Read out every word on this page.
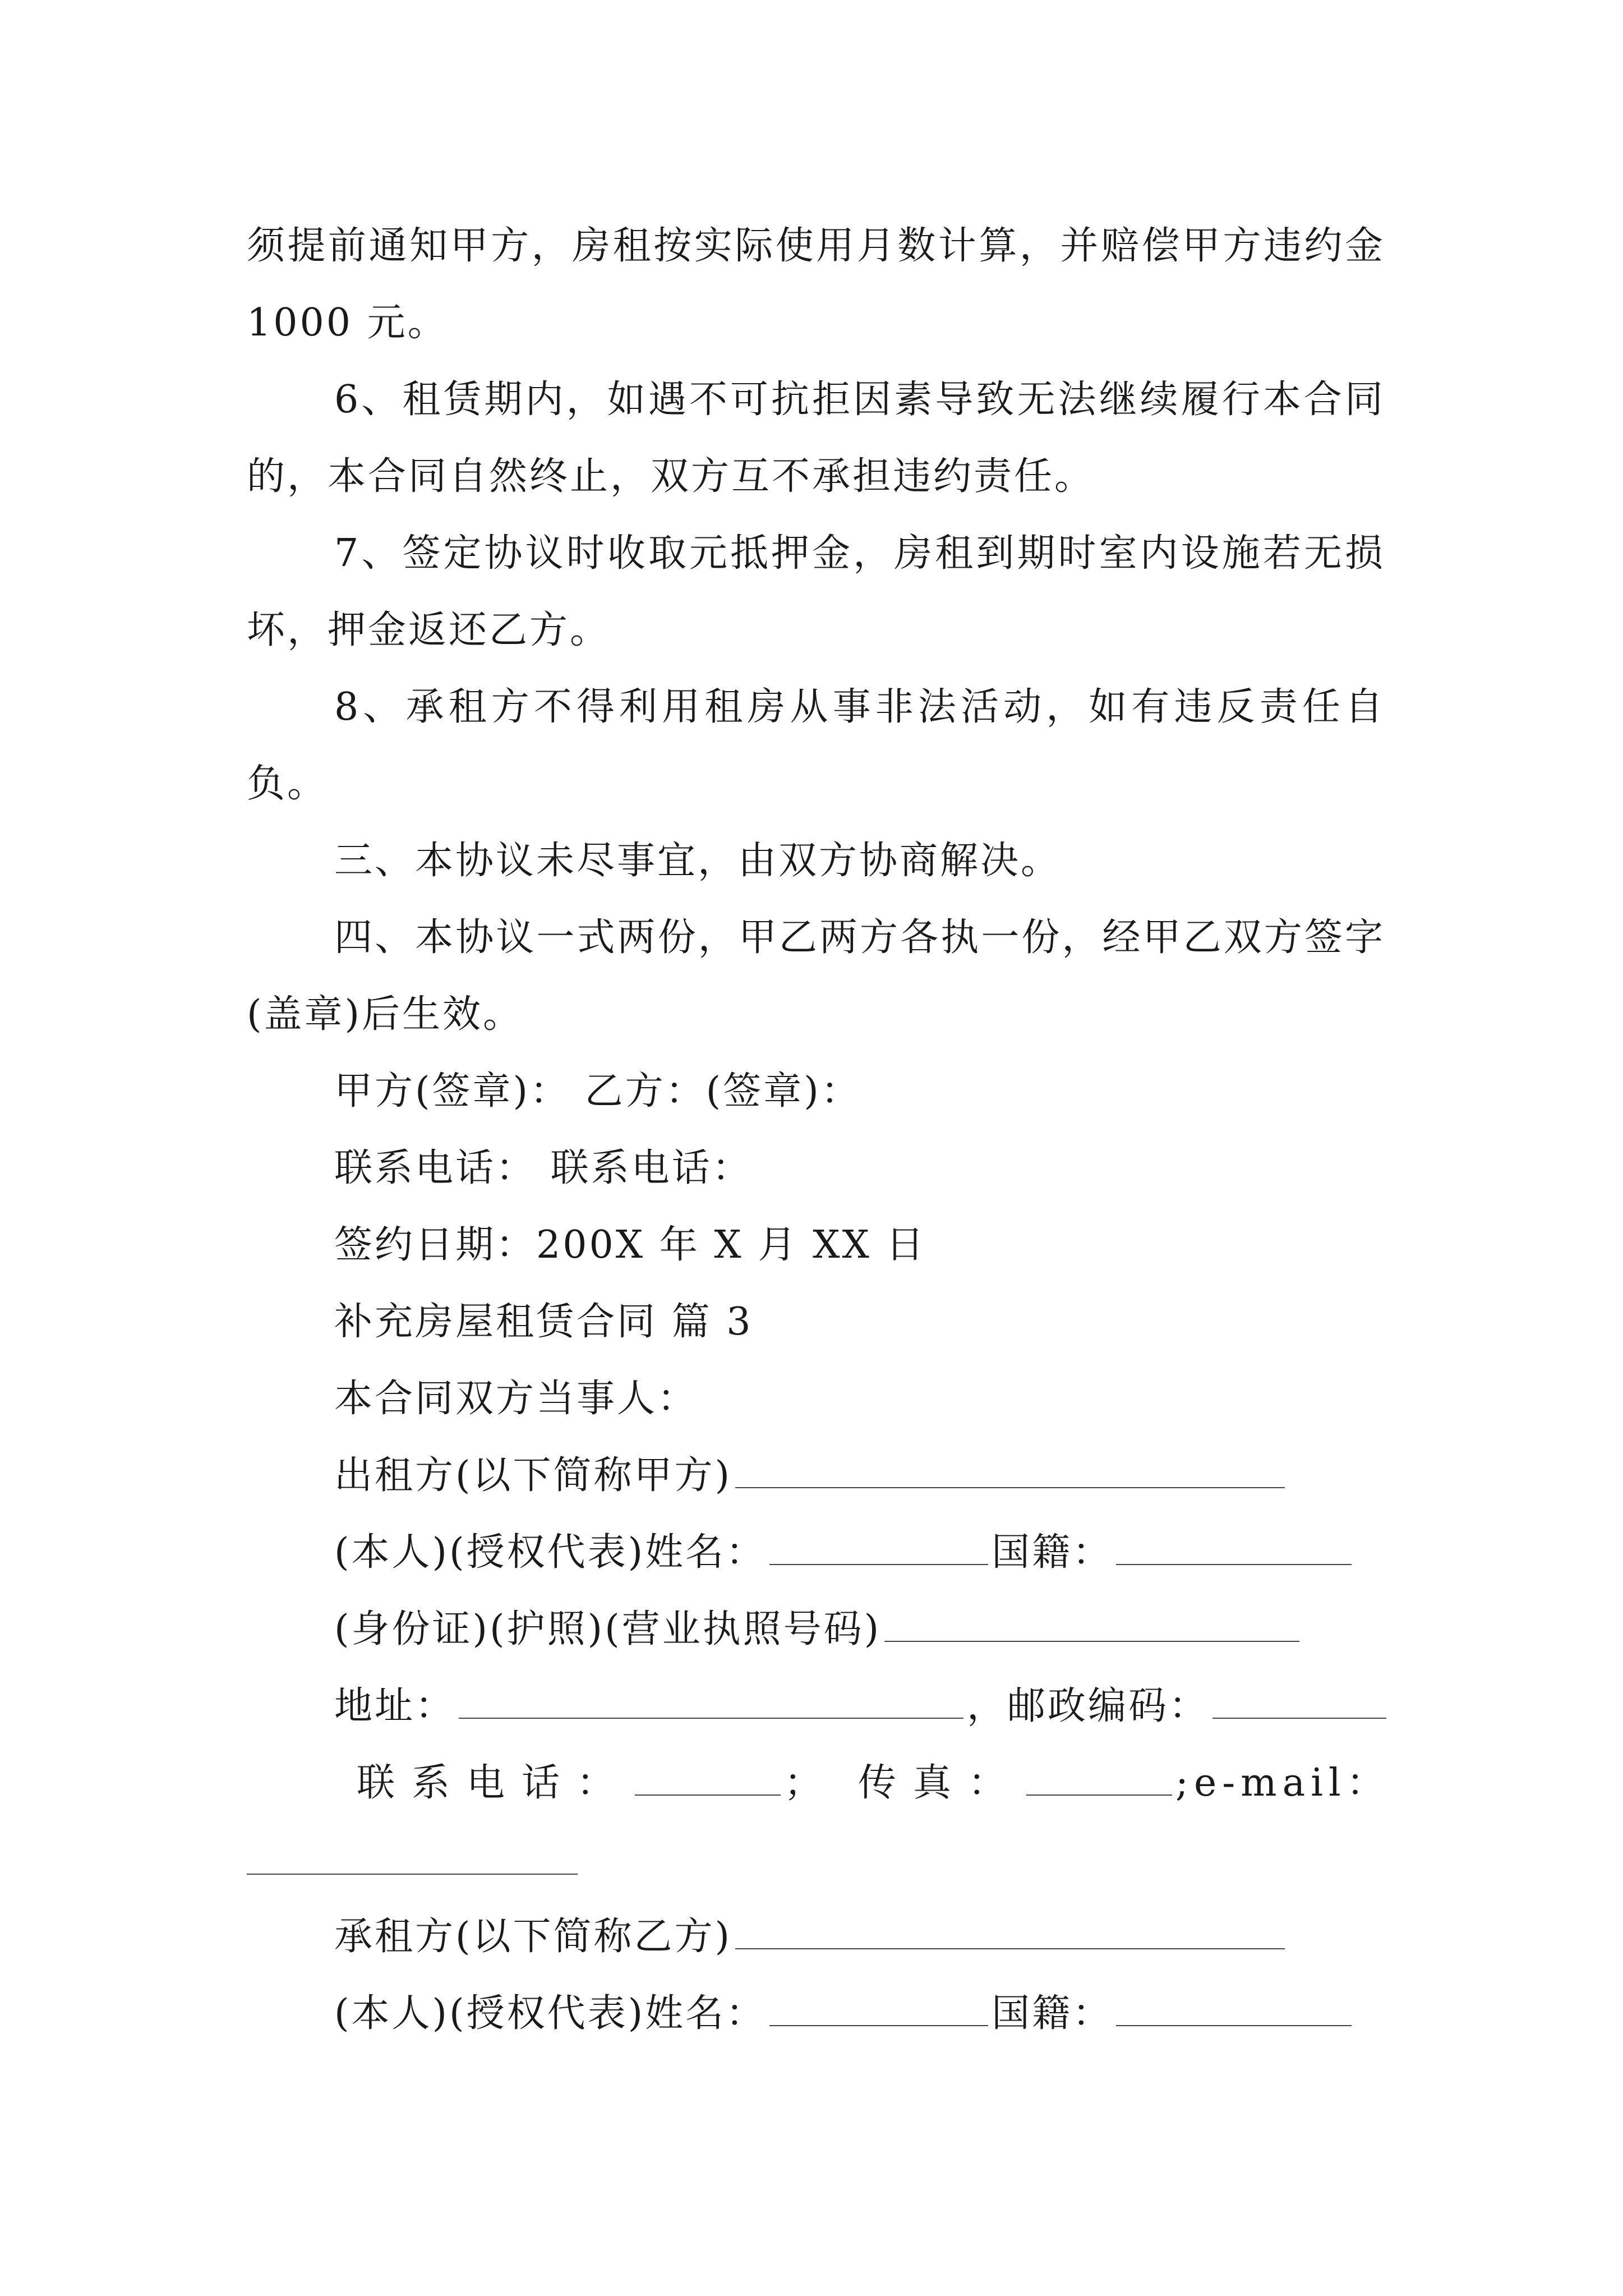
须提前通知甲方，房租按实际使用月数计算，并赔偿甲方违约金 1000 元。

6、租赁期内，如遇不可抗拒因素导致无法继续履行本合同的，本合同自然终止，双方互不承担违约责任。

7、签定协议时收取元抵押金，房租到期时室内设施若无损坏，押金返还乙方。

8、承租方不得利用租房从事非法活动，如有违反责任自负。

三、本协议未尽事宜，由双方协商解决。

四、本协议一式两份，甲乙两方各执一份，经甲乙双方签字(盖章)后生效。

甲方(签章)： 乙方：(签章)：

联系电话： 联系电话：

签约日期：200X 年 X 月 XX 日

补充房屋租赁合同 篇 3

本合同双方当事人：

出租方(以下简称甲方)

(本人)(授权代表)姓名：	国籍：

(身份证)(护照)(营业执照号码)

地址：	，邮政编码：

联系电话：	； 传真：	;e-mail：

承租方(以下简称乙方)

(本人)(授权代表)姓名：	国籍：
